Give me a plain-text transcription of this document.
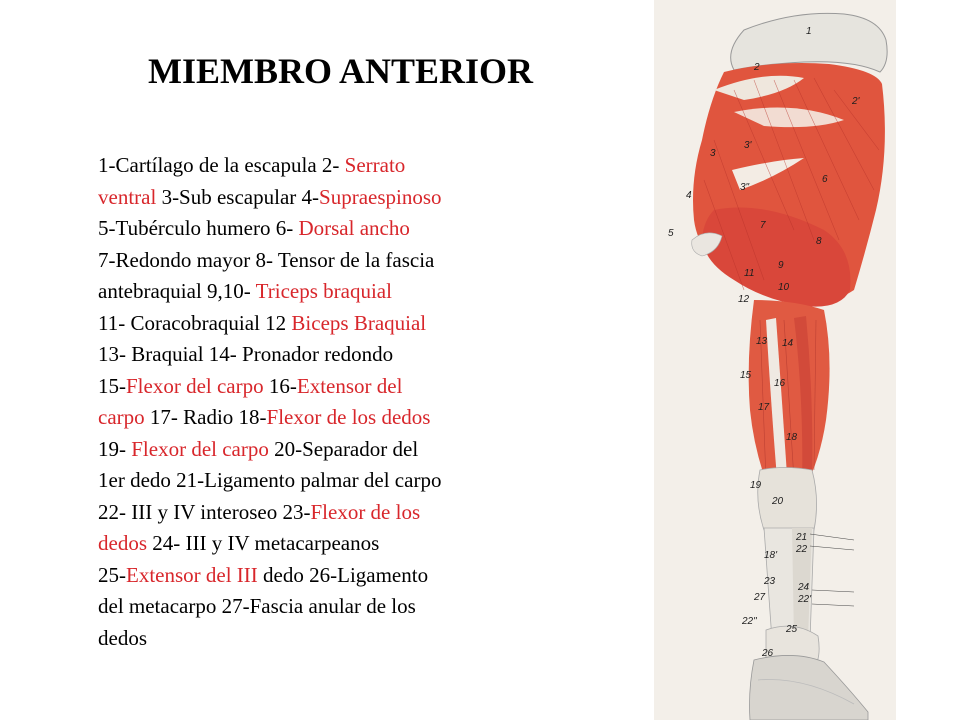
MIEMBRO ANTERIOR
1-Cartílago de la escapula 2- Serrato
ventral 3-Sub escapular 4-Supraespinoso
5-Tubérculo humero 6- Dorsal ancho
7-Redondo mayor 8- Tensor de la fascia
antebraquial 9,10- Triceps braquial
11- Coracobraquial 12 Biceps Braquial
13- Braquial 14- Pronador redondo
15-Flexor del carpo 16-Extensor del
carpo 17- Radio 18-Flexor de los dedos
19- Flexor del carpo 20-Separador del
1er dedo 21-Ligamento palmar del carpo
22- III y IV interoseo 23-Flexor de los
dedos 24- III y IV metacarpeanos
25-Extensor del III dedo 26-Ligamento
del metacarpo 27-Fascia anular de los
dedos
1
2
2'
3
3'
3"
4
5
6
7
8
9
10
11
12
13 14
15
16
17
18
19
20
21
18'
22
23
24
22'
22"
25
26
27
